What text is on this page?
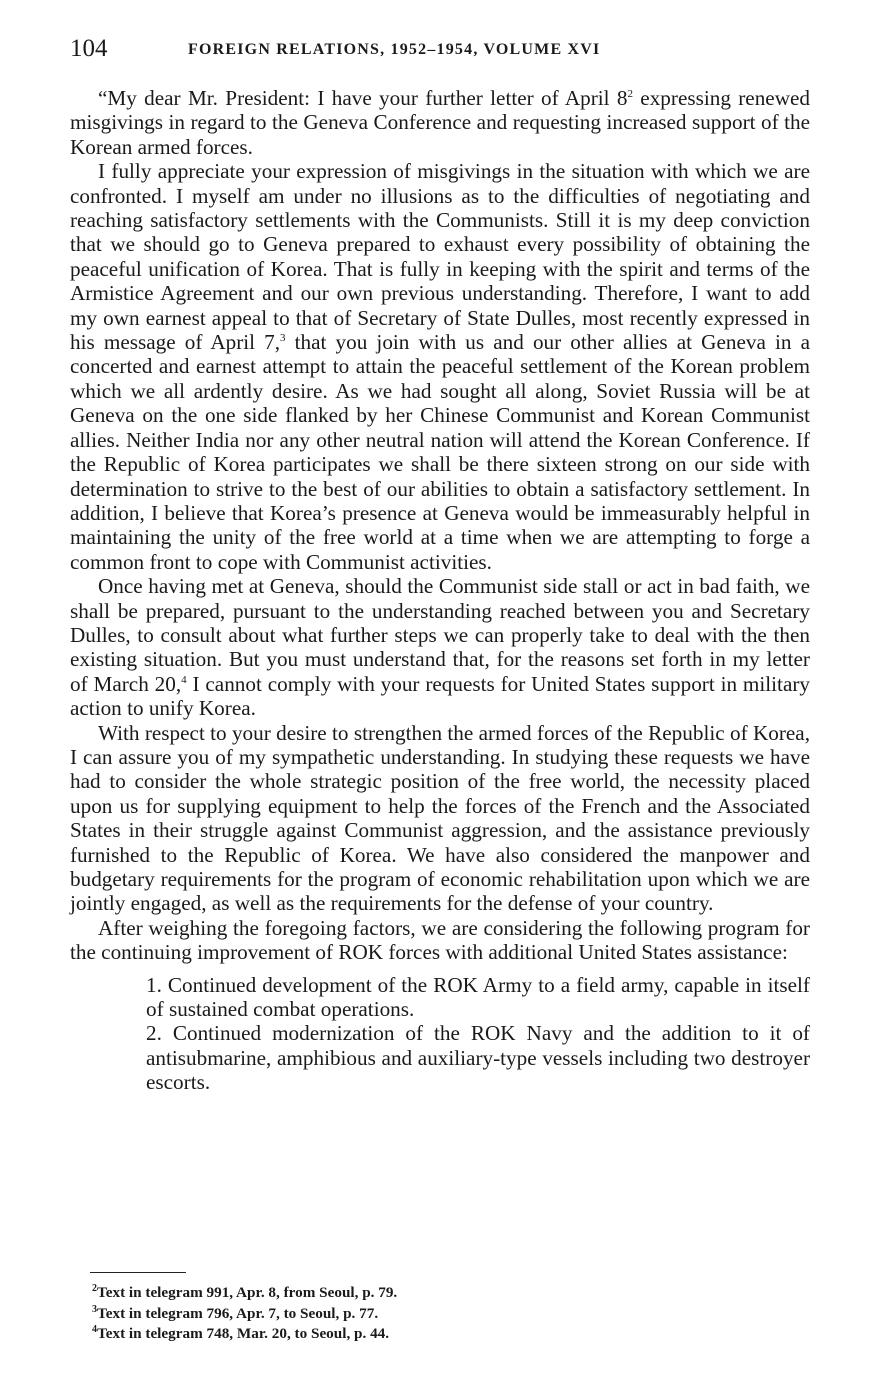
104	FOREIGN RELATIONS, 1952–1954, VOLUME XVI

“My dear Mr. President: I have your further letter of April $8^2$ expressing renewed misgivings in regard to the Geneva Conference and requesting increased support of the Korean armed forces.

I fully appreciate your expression of misgivings in the situation with which we are confronted. I myself am under no illusions as to the difficulties of negotiating and reaching satisfactory settlements with the Communists. Still it is my deep conviction that we should go to Geneva prepared to exhaust every possibility of obtaining the peaceful unification of Korea. That is fully in keeping with the spirit and terms of the Armistice Agreement and our own previous understanding. Therefore, I want to add my own earnest appeal to that of Secretary of State Dulles, most recently expressed in his message of April 7,$^3$ that you join with us and our other allies at Geneva in a concerted and earnest attempt to attain the peaceful settlement of the Korean problem which we all ardently desire. As we had sought all along, Soviet Russia will be at Geneva on the one side flanked by her Chinese Communist and Korean Communist allies. Neither India nor any other neutral nation will attend the Korean Conference. If the Republic of Korea participates we shall be there sixteen strong on our side with determination to strive to the best of our abilities to obtain a satisfactory settlement. In addition, I believe that Korea’s presence at Geneva would be immeasurably helpful in maintaining the unity of the free world at a time when we are attempting to forge a common front to cope with Communist activities.

Once having met at Geneva, should the Communist side stall or act in bad faith, we shall be prepared, pursuant to the understanding reached between you and Secretary Dulles, to consult about what further steps we can properly take to deal with the then existing situation. But you must understand that, for the reasons set forth in my letter of March 20,$^4$ I cannot comply with your requests for United States support in military action to unify Korea.

With respect to your desire to strengthen the armed forces of the Republic of Korea, I can assure you of my sympathetic understanding. In studying these requests we have had to consider the whole strategic position of the free world, the necessity placed upon us for supplying equipment to help the forces of the French and the Associated States in their struggle against Communist aggression, and the assistance previously furnished to the Republic of Korea. We have also considered the manpower and budgetary requirements for the program of economic rehabilitation upon which we are jointly engaged, as well as the requirements for the defense of your country.

After weighing the foregoing factors, we are considering the following program for the continuing improvement of ROK forces with additional United States assistance:

1. Continued development of the ROK Army to a field army, capable in itself of sustained combat operations.
2. Continued modernization of the ROK Navy and the addition to it of antisubmarine, amphibious and auxiliary-type vessels including two destroyer escorts.
$^2$Text in telegram 991, Apr. 8, from Seoul, p. 79.
$^3$Text in telegram 796, Apr. 7, to Seoul, p. 77.
$^4$Text in telegram 748, Mar. 20, to Seoul, p. 44.
